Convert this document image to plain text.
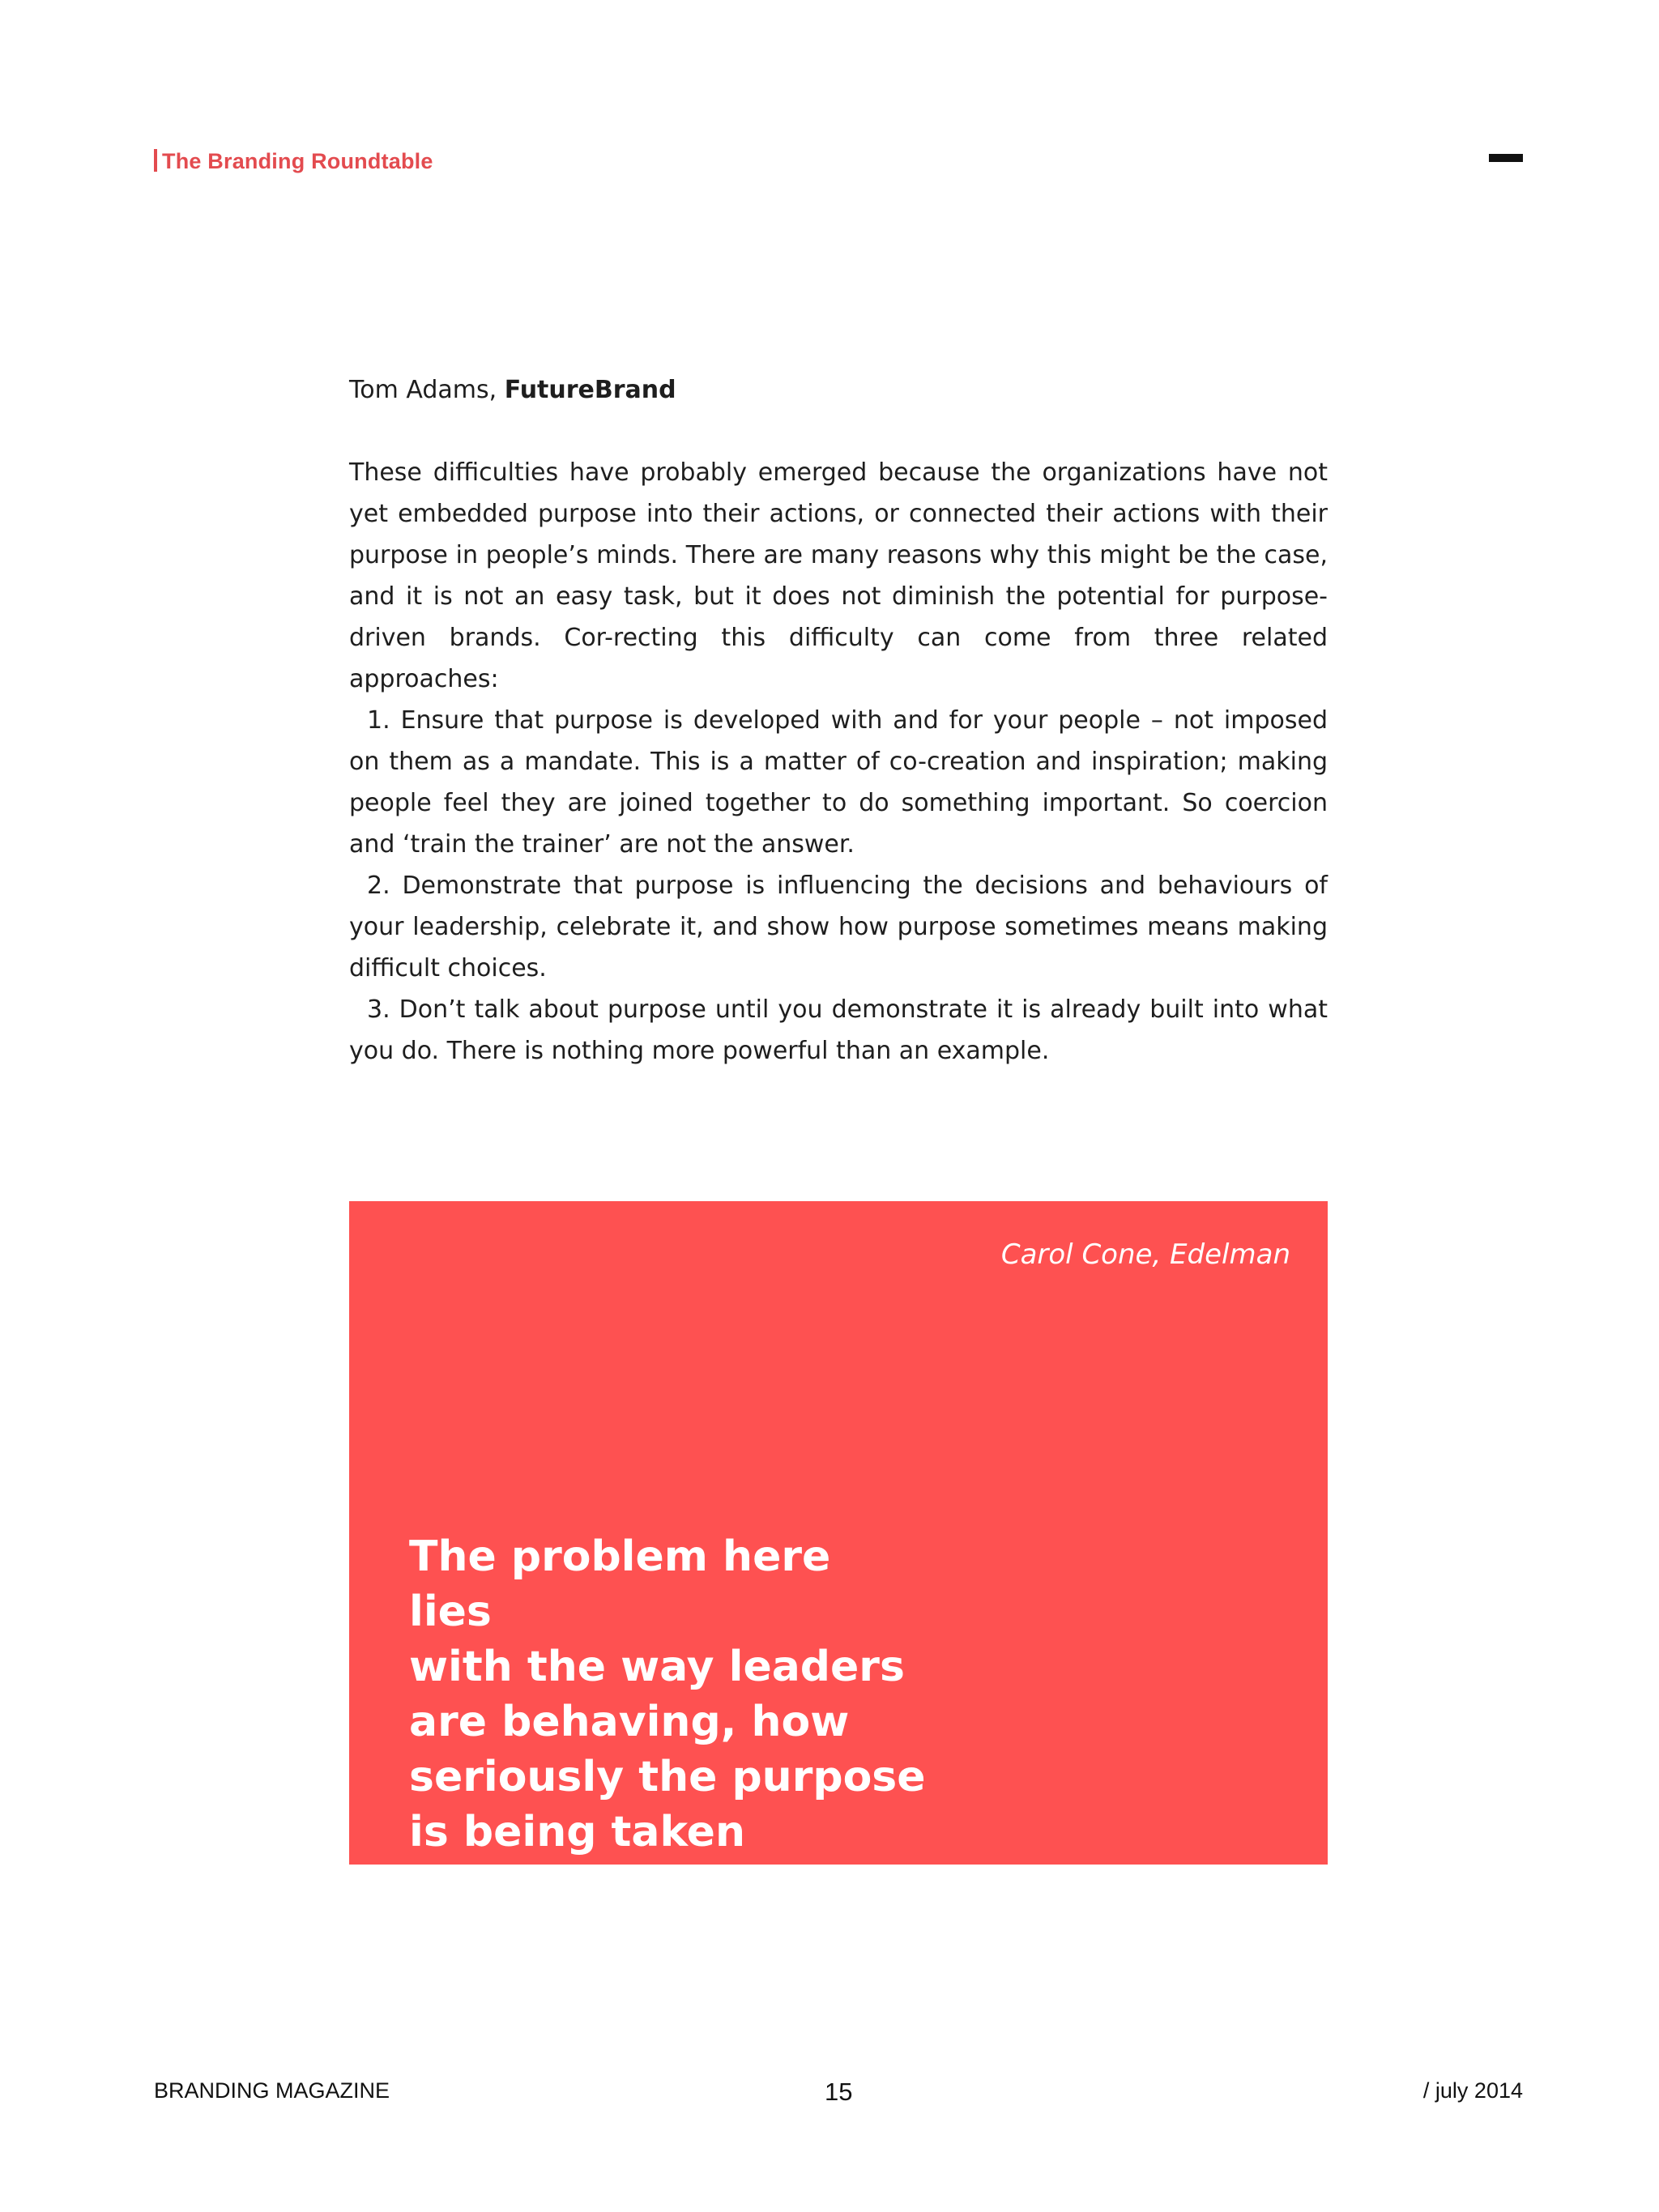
The Branding Roundtable

Tom Adams, FutureBrand

These difficulties have probably emerged because the organizations have not yet embedded purpose into their actions, or connected their actions with their purpose in people’s minds. There are many reasons why this might be the case, and it is not an easy task, but it does not diminish the potential for purpose-driven brands. Cor-recting this difficulty can come from three related approaches:

1. Ensure that purpose is developed with and for your people – not imposed on them as a mandate. This is a matter of co-creation and inspiration; making people feel they are joined together to do something important. So coercion and ‘train the trainer’ are not the answer.

2. Demonstrate that purpose is influencing the decisions and behaviours of your leadership, celebrate it, and show how purpose sometimes means making difficult choices.

3. Don’t talk about purpose until you demonstrate it is already built into what you do. There is nothing more powerful than an example.

Carol Cone, Edelman

The problem here lies
with the way leaders
are behaving, how
seriously the purpose
is being taken

BRANDING MAGAZINE	15	/ july 2014
